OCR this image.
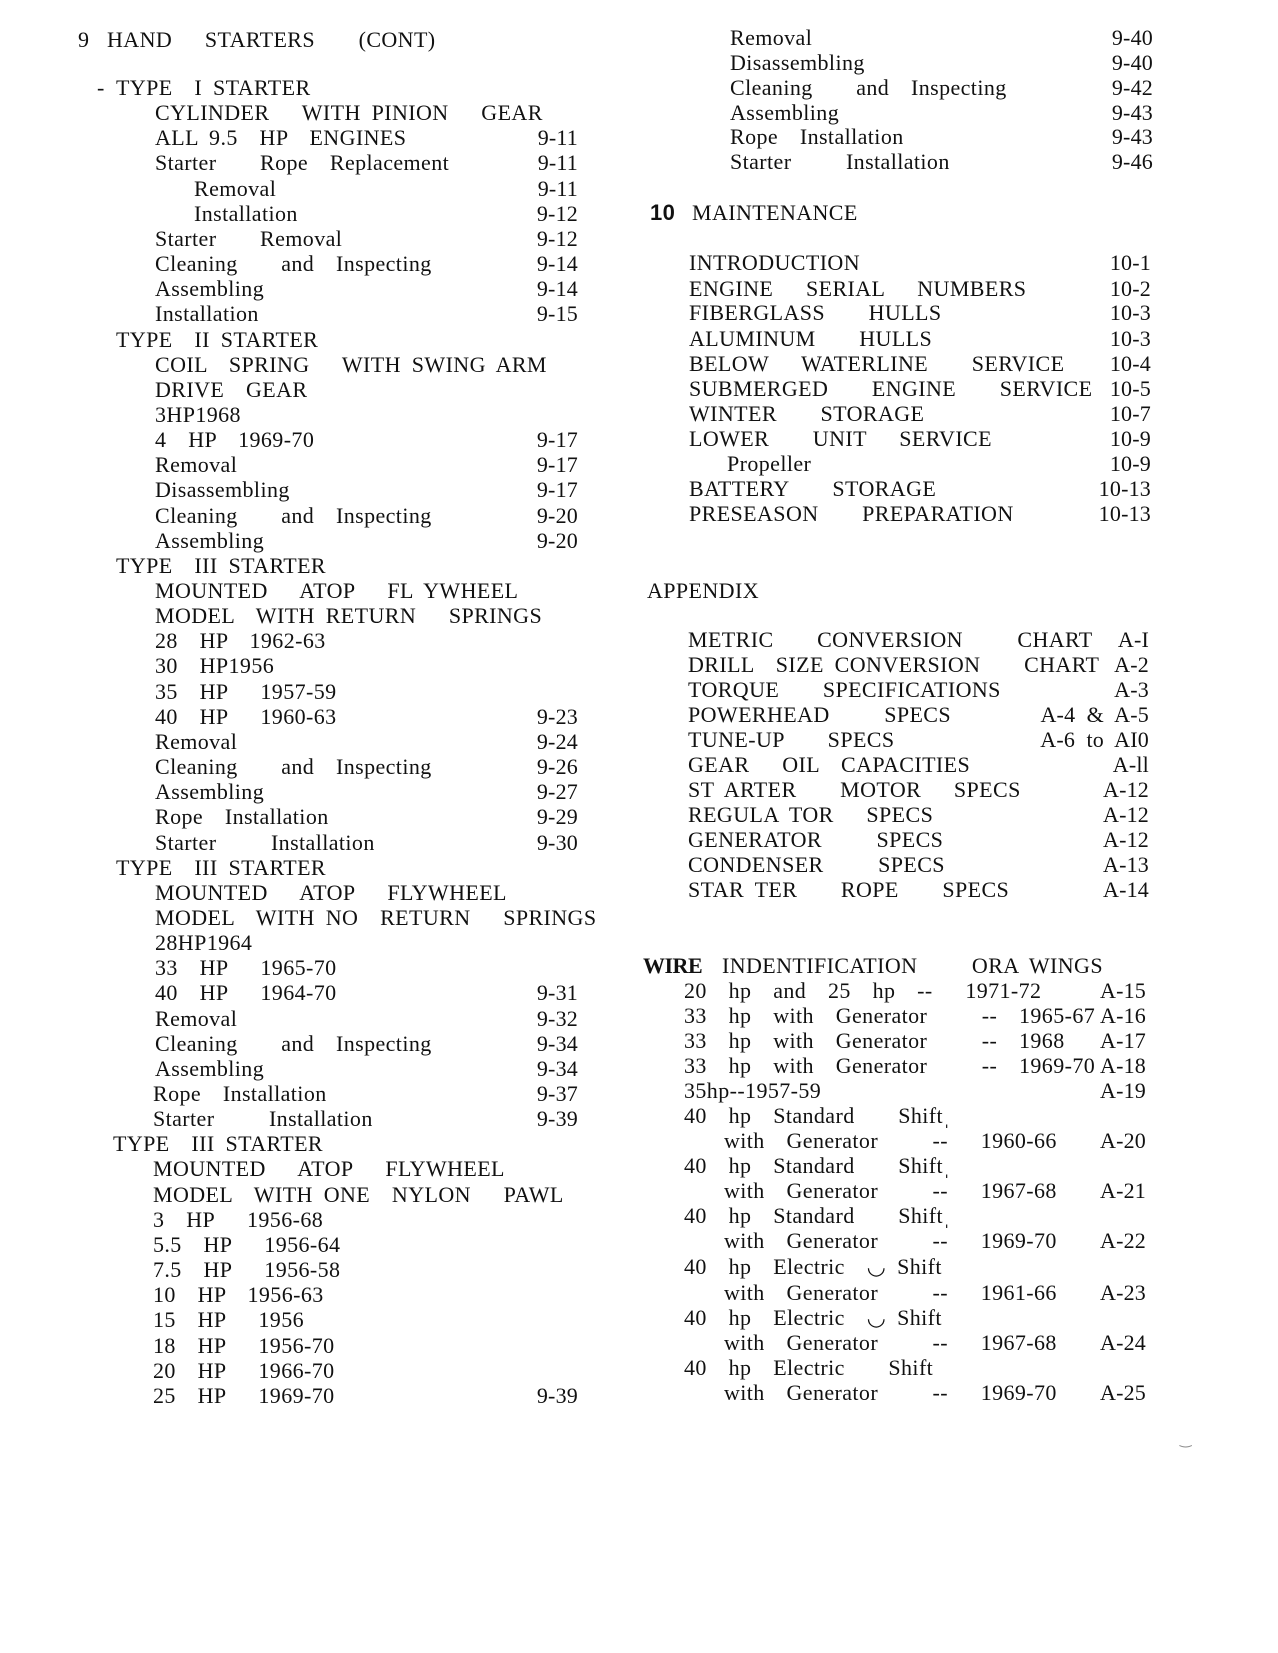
9 HAND   STARTERS    (CONT)
- TYPE  I STARTER
CYLINDER   WITH PINION   GEAR
ALL 9.5  HP  ENGINES	9-11
Starter    Rope  Replacement	9-11
Removal	9-11
Installation	9-12
Starter    Removal	9-12
Cleaning    and  Inspecting	9-14
Assembling	9-14
Installation	9-15
TYPE  II STARTER
COIL  SPRING   WITH SWING ARM
DRIVE  GEAR
3HP1968
4  HP  1969-70	9-17
Removal	9-17
Disassembling	9-17
Cleaning    and  Inspecting	9-20
Assembling	9-20
TYPE  III STARTER
MOUNTED   ATOP   FL YWHEEL
MODEL  WITH RETURN   SPRINGS
28  HP  1962-63
30  HP1956
35  HP   1957-59
40  HP   1960-63	9-23
Removal	9-24
Cleaning    and  Inspecting	9-26
Assembling	9-27
Rope  Installation	9-29
Starter     Installation	9-30
TYPE  III STARTER
MOUNTED   ATOP   FLYWHEEL
MODEL  WITH NO  RETURN   SPRINGS
28HP1964
33  HP   1965-70
40  HP   1964-70	9-31
Removal	9-32
Cleaning    and  Inspecting	9-34
Assembling	9-34
Rope  Installation	9-37
Starter     Installation	9-39
TYPE  III STARTER
MOUNTED   ATOP   FLYWHEEL
MODEL  WITH ONE  NYLON   PAWL
3  HP   1956-68
5.5  HP   1956-64
7.5  HP   1956-58
10  HP  1956-63
15  HP   1956
18  HP   1956-70
20  HP   1966-70
25  HP   1969-70	9-39
Removal	9-40
Disassembling	9-40
Cleaning    and  Inspecting	9-42
Assembling	9-43
Rope  Installation	9-43
Starter     Installation	9-46
10 MAINTENANCE
INTRODUCTION	10-1
ENGINE   SERIAL   NUMBERS	10-2
FIBERGLASS    HULLS	10-3
ALUMINUM    HULLS	10-3
BELOW   WATERLINE    SERVICE 10-4
SUBMERGED    ENGINE    SERVICE 10-5
WINTER    STORAGE	10-7
LOWER    UNIT   SERVICE	10-9
Propeller	10-9
BATTERY    STORAGE	10-13
PRESEASON    PREPARATION	10-13
APPENDIX
METRIC    CONVERSION     CHART A-I
DRILL  SIZE CONVERSION    CHART A-2
TORQUE    SPECIFICATIONS	A-3
POWERHEAD     SPECS	A-4  &  A-5
TUNE-UP    SPECS	A-6  to  AI0
GEAR   OIL  CAPACITIES	A-ll
ST ARTER    MOTOR   SPECS	A-12
REGULA TOR   SPECS	A-12
GENERATOR     SPECS	A-12
CONDENSER     SPECS	A-13
STAR TER    ROPE    SPECS	A-14
WIRE INDENTIFICATION     ORA WINGS
20  hp  and  25  hp  --   1971-72	A-15
33  hp  with  Generator     --  1965-67 A-16
33  hp  with  Generator     --  1968 A-17
33  hp  with  Generator     --  1969-70 A-18
35hp--1957-59	A-19
40  hp  Standard    Shiftˌ
with  Generator     --   1960-66 A-20
40  hp  Standard    Shiftˌ
with  Generator     --   1967-68 A-21
40  hp  Standard    Shiftˌ
with  Generator     --   1969-70 A-22
40  hp  Electric  ◡ Shift
with  Generator     --   1961-66 A-23
40  hp  Electric  ◡ Shift
with  Generator     --   1967-68 A-24
40  hp  Electric    Shift
with  Generator     --   1969-70 A-25
‿
